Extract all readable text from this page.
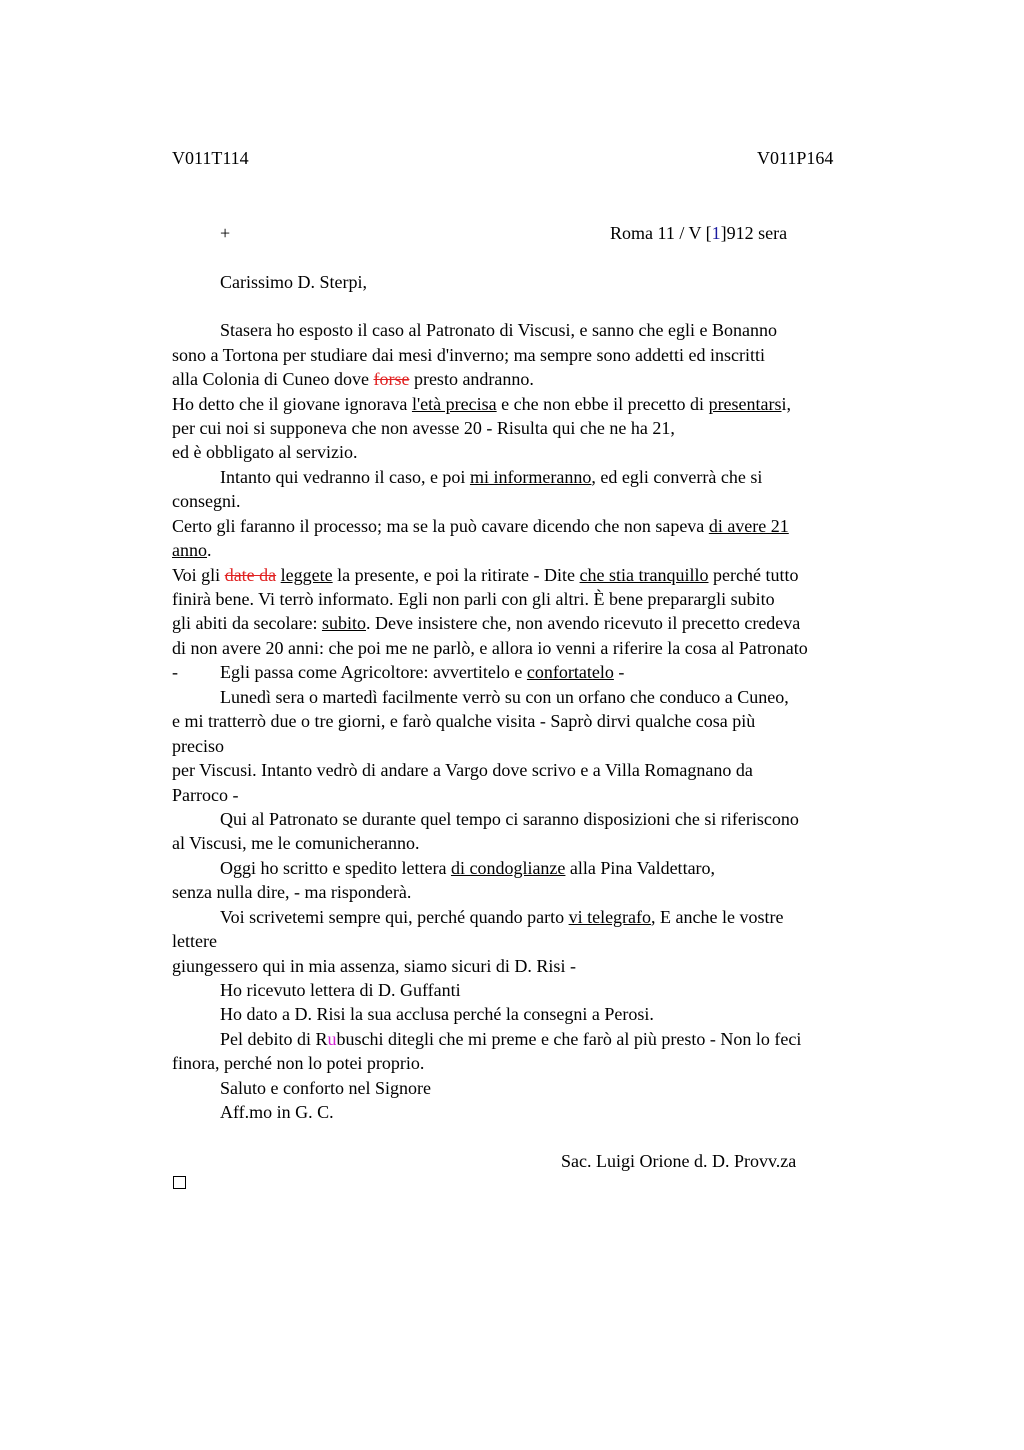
V011T114	V011P164
+	Roma 11 / V [1]912 sera
Carissimo D. Sterpi,
Stasera ho esposto il caso al Patronato di Viscusi, e sanno che egli e Bonanno
sono a Tortona per studiare dai mesi d'inverno; ma sempre sono addetti ed inscritti
alla Colonia di Cuneo dove forse presto andranno.
Ho detto che il giovane ignorava l'età precisa e che non ebbe il precetto di presentarsi,
per cui noi si supponeva che non avesse 20 - Risulta qui che ne ha 21,
ed è obbligato al servizio.
Intanto qui vedranno il caso, e poi mi informeranno, ed egli converrà che si
consegni.
Certo gli faranno il processo; ma se la può cavare dicendo che non sapeva di avere 21
anno.
Voi gli date da leggete la presente, e poi la ritirate - Dite che stia tranquillo perché tutto
finirà bene. Vi terrò informato. Egli non parli con gli altri. È bene preparargli subito
gli abiti da secolare: subito. Deve insistere che, non avendo ricevuto il precetto credeva
di non avere 20 anni: che poi me ne parlò, e allora io venni a riferire la cosa al Patronato
- Egli passa come Agricoltore: avvertitelo e confortatelo -
Lunedì sera o martedì facilmente verrò su con un orfano che conduco a Cuneo,
e mi tratterrò due o tre giorni, e farò qualche visita - Saprò dirvi qualche cosa più
preciso
per Viscusi. Intanto vedrò di andare a Vargo dove scrivo e a Villa Romagnano da
Parroco -
Qui al Patronato se durante quel tempo ci saranno disposizioni che si riferiscono
al Viscusi, me le comunicheranno.
Oggi ho scritto e spedito lettera di condoglianze alla Pina Valdettaro,
senza nulla dire, - ma risponderà.
Voi scrivetemi sempre qui, perché quando parto vi telegrafo, E anche le vostre
lettere
giungessero qui in mia assenza, siamo sicuri di D. Risi -
Ho ricevuto lettera di D. Guffanti
Ho dato a D. Risi la sua acclusa perché la consegni a Perosi.
Pel debito di Rubuschi ditegli che mi preme e che farò al più presto - Non lo feci
finora, perché non lo potei proprio.
Saluto e conforto nel Signore
Aff.mo in G. C.
Sac. Luigi Orione d. D. Provv.za
